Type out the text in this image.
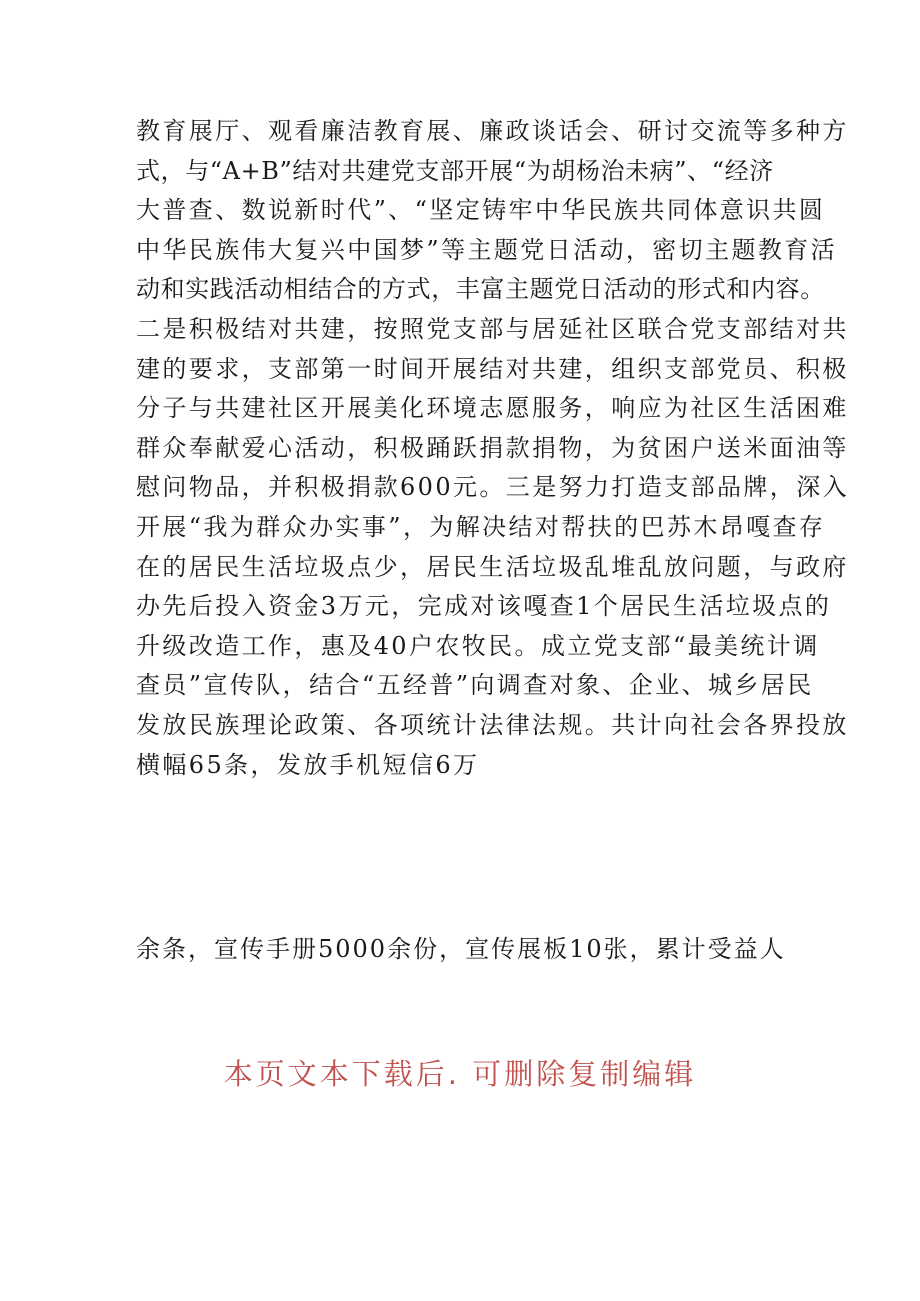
教育展厅、观看廉洁教育展、廉政谈话会、研讨交流等多种方
式，与“A+B”结对共建党支部开展“为胡杨治未病”、“经济
大普查、数说新时代”、“坚定铸牢中华民族共同体意识共圆
中华民族伟大复兴中国梦”等主题党日活动，密切主题教育活
动和实践活动相结合的方式，丰富主题党日活动的形式和内容。
二是积极结对共建，按照党支部与居延社区联合党支部结对共
建的要求，支部第一时间开展结对共建，组织支部党员、积极
分子与共建社区开展美化环境志愿服务，响应为社区生活困难
群众奉献爱心活动，积极踊跃捐款捐物，为贫困户送米面油等
慰问物品，并积极捐款600元。三是努力打造支部品牌，深入
开展“我为群众办实事”，为解决结对帮扶的巴苏木昂嘎查存
在的居民生活垃圾点少，居民生活垃圾乱堆乱放问题，与政府
办先后投入资金3万元，完成对该嘎查1个居民生活垃圾点的
升级改造工作，惠及40户农牧民。成立党支部“最美统计调
查员”宣传队，结合“五经普”向调查对象、企业、城乡居民
发放民族理论政策、各项统计法律法规。共计向社会各界投放
横幅65条，发放手机短信6万
余条，宣传手册5000余份，宣传展板10张，累计受益人
本页文本下载后. 可删除复制编辑
